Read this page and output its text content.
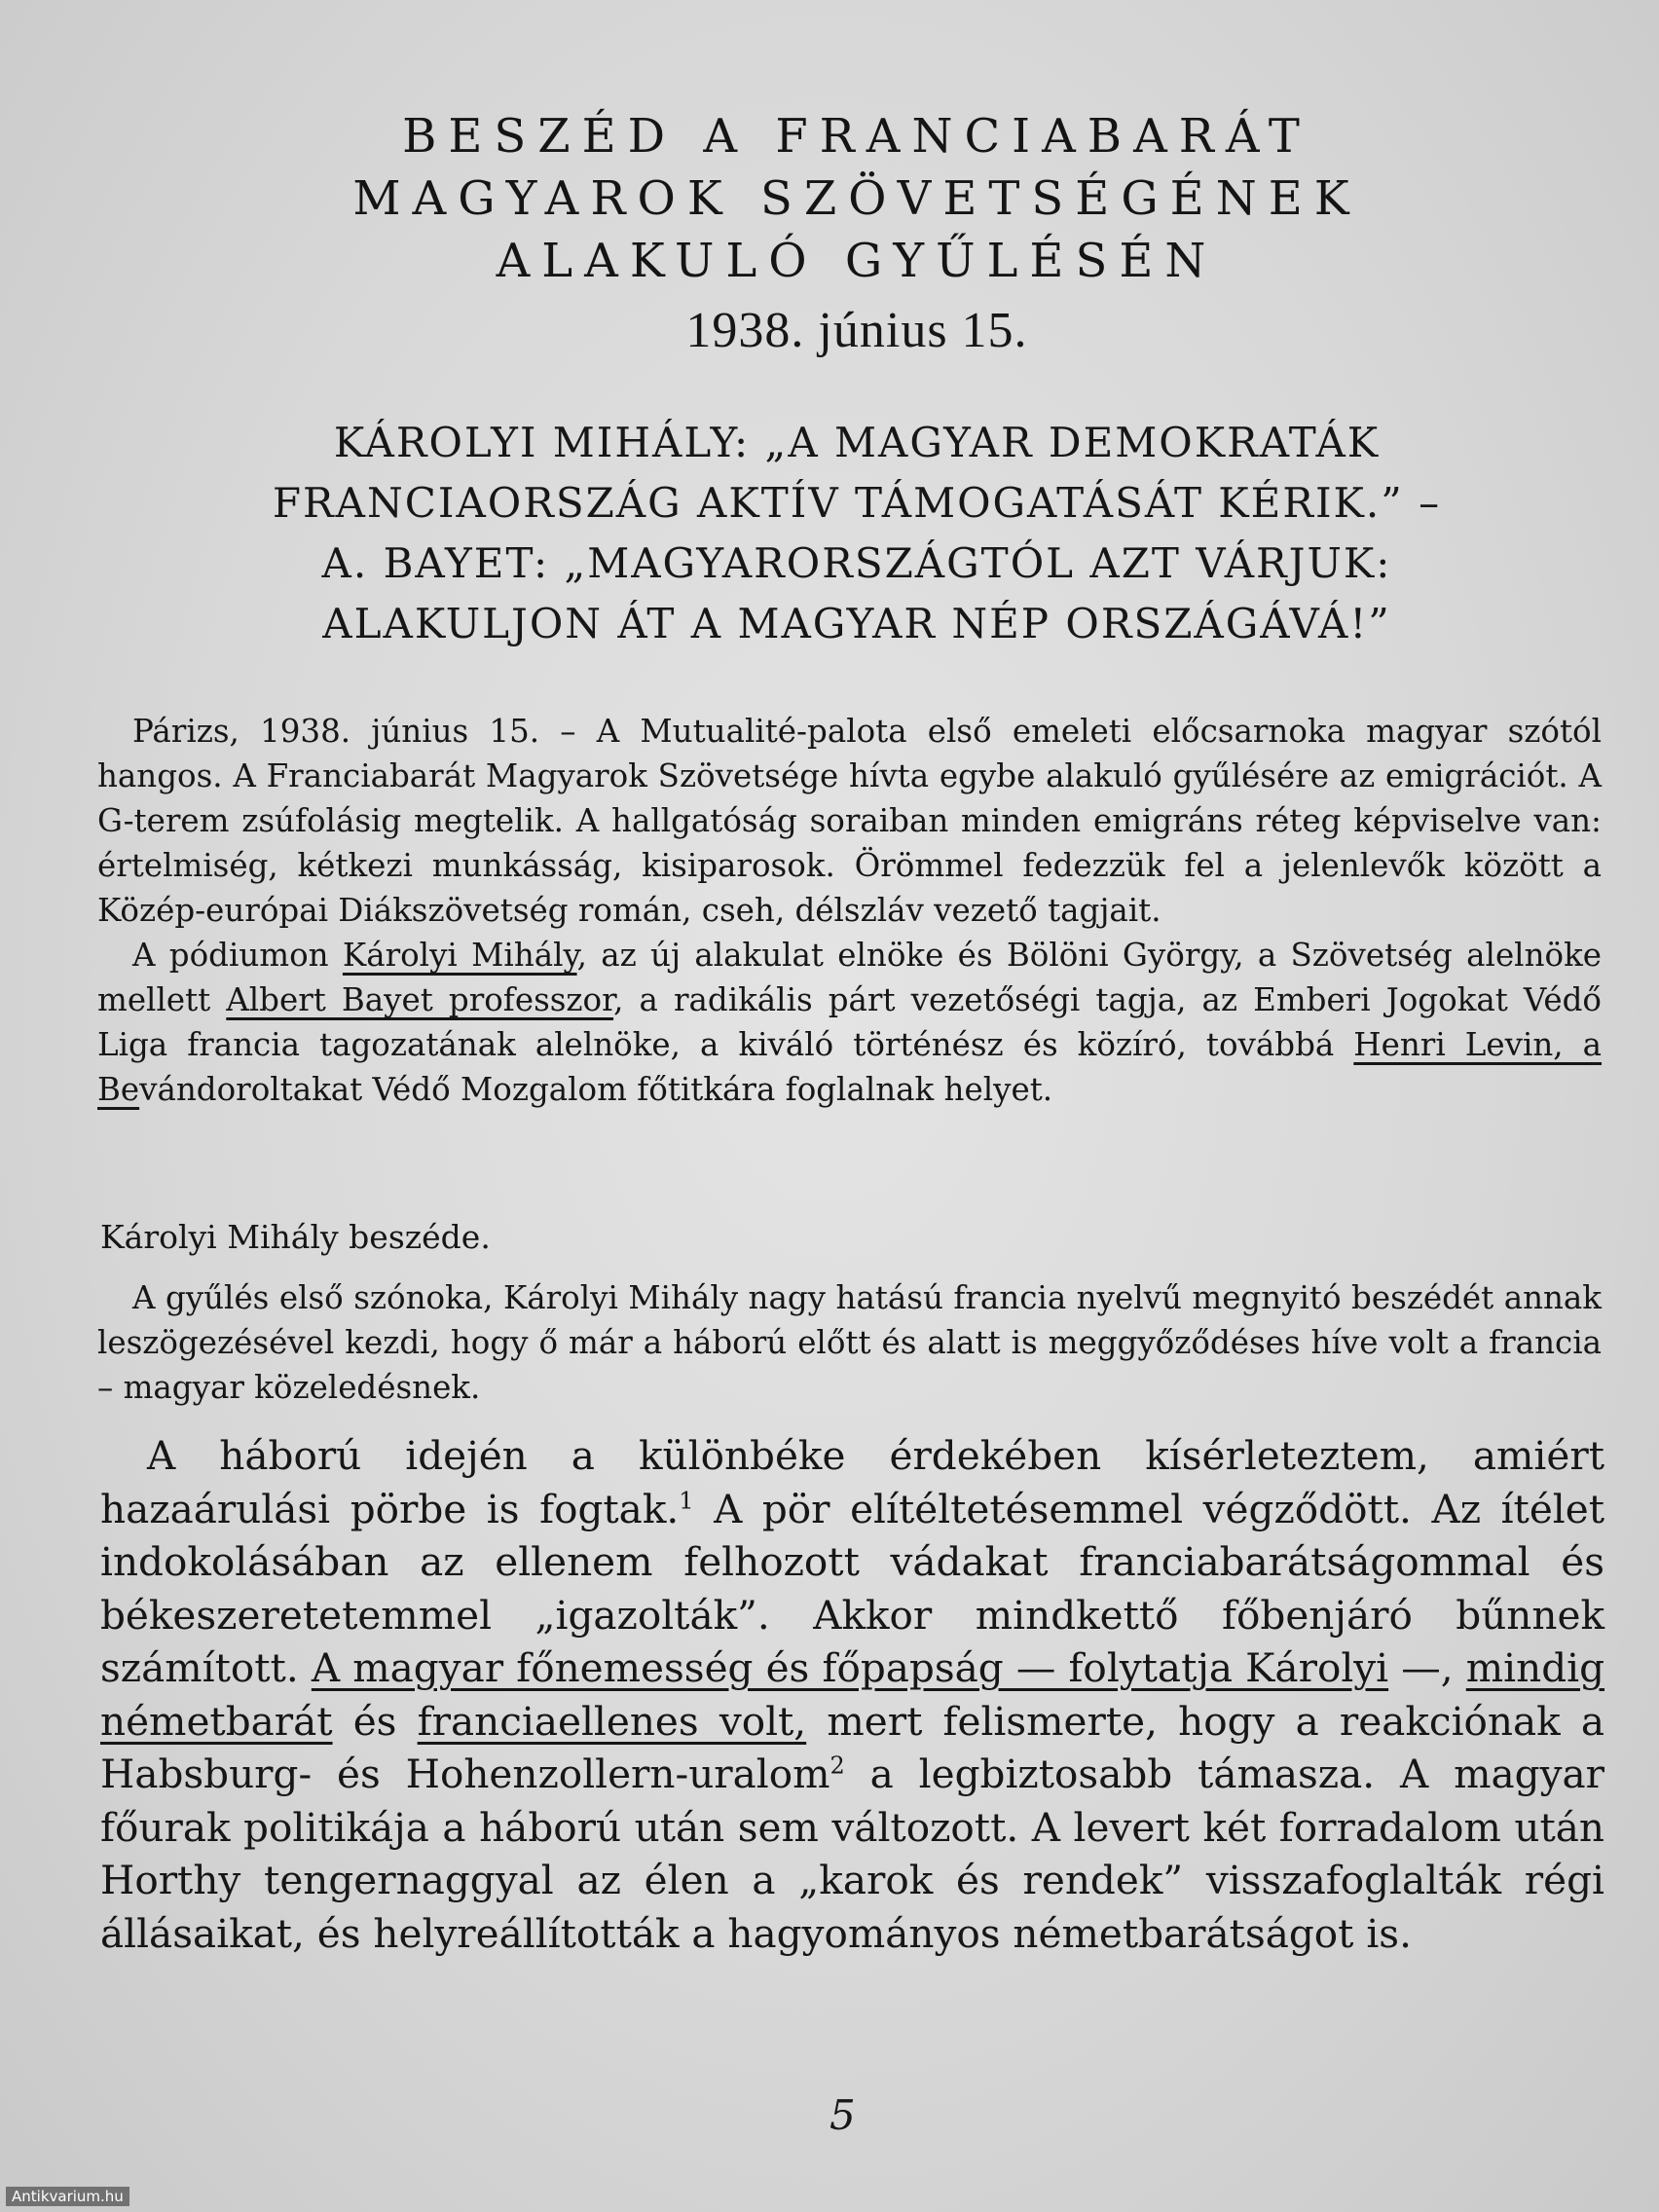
BESZÉD A FRANCIABARÁT
MAGYAROK SZÖVETSÉGÉNEK
ALAKULÓ GYŰLÉSÉN
1938. június 15.
KÁROLYI MIHÁLY: „A MAGYAR DEMOKRATÁK
FRANCIAORSZÁG AKTÍV TÁMOGATÁSÁT KÉRIK.” –
A. BAYET: „MAGYARORSZÁGTÓL AZT VÁRJUK:
ALAKULJON ÁT A MAGYAR NÉP ORSZÁGÁVÁ!”

Párizs, 1938. június 15. – A Mutualité-palota első emeleti előcsarnoka magyar szótól hangos. A Franciabarát Magyarok Szövetsége hívta egybe alakuló gyűlésére az emigrációt. A G-terem zsúfolásig megtelik. A hallgatóság soraiban minden emigráns réteg képviselve van: értelmiség, kétkezi munkásság, kisiparosok. Örömmel fedezzük fel a jelenlevők között a Közép-európai Diákszövetség román, cseh, délszláv vezető tagjait.

A pódiumon Károlyi Mihály, az új alakulat elnöke és Bölöni György, a Szövetség alelnöke mellett Albert Bayet professzor, a radikális párt vezetőségi tagja, az Emberi Jogokat Védő Liga francia tagozatának alelnöke, a kiváló történész és közíró, továbbá Henri Levin, a Bevándoroltakat Védő Mozgalom főtitkára foglalnak helyet.

Károlyi Mihály beszéde.

A gyűlés első szónoka, Károlyi Mihály nagy hatású francia nyelvű megnyitó beszédét annak leszögezésével kezdi, hogy ő már a háború előtt és alatt is meggyőződéses híve volt a francia – magyar közeledésnek.

A háború idején a különbéke érdekében kísérleteztem, amiért hazaárulási pörbe is fogtak.$^1$ A pör elítéltetésemmel végződött. Az ítélet indokolásában az ellenem felhozott vádakat franciabarátságommal és békeszeretetemmel „igazolták”. Akkor mindkettő főbenjáró bűnnek számított. A magyar főnemesség és főpapság — folytatja Károlyi —, mindig németbarát és franciaellenes volt, mert felismerte, hogy a reakciónak a Habsburg- és Hohenzollern-uralom$^2$ a legbiztosabb támasza. A magyar főurak politikája a háború után sem változott. A levert két forradalom után Horthy tengernaggyal az élen a „karok és rendek” visszafoglalták régi állásaikat, és helyreállították a hagyományos németbarátságot is.

5
Antikvarium.hu
